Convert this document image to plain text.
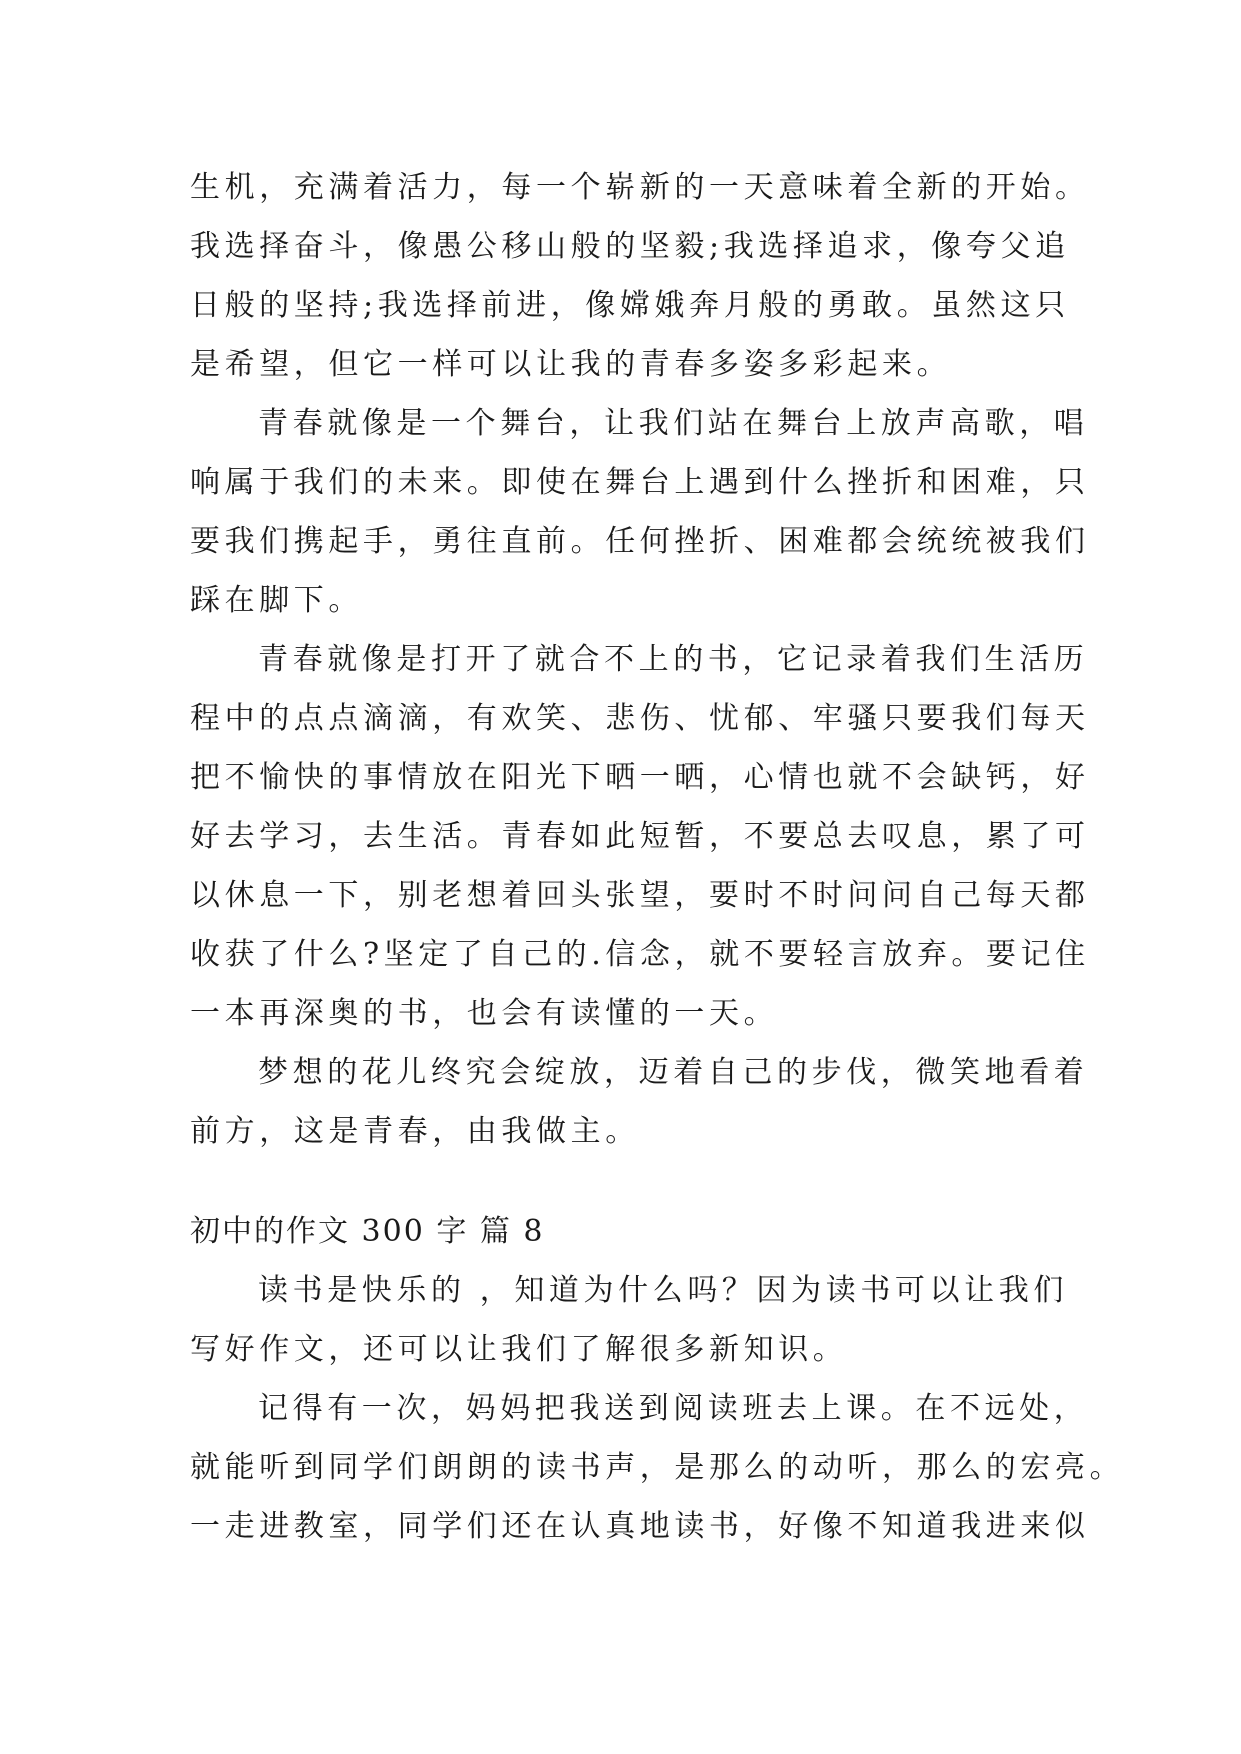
生机，充满着活力，每一个崭新的一天意味着全新的开始。
我选择奋斗，像愚公移山般的坚毅;我选择追求，像夸父追
日般的坚持;我选择前进，像嫦娥奔月般的勇敢。虽然这只
是希望，但它一样可以让我的青春多姿多彩起来。
青春就像是一个舞台，让我们站在舞台上放声高歌，唱
响属于我们的未来。即使在舞台上遇到什么挫折和困难，只
要我们携起手，勇往直前。任何挫折、困难都会统统被我们
踩在脚下。
青春就像是打开了就合不上的书，它记录着我们生活历
程中的点点滴滴，有欢笑、悲伤、忧郁、牢骚只要我们每天
把不愉快的事情放在阳光下晒一晒，心情也就不会缺钙，好
好去学习，去生活。青春如此短暂，不要总去叹息，累了可
以休息一下，别老想着回头张望，要时不时问问自己每天都
收获了什么?坚定了自己的.信念，就不要轻言放弃。要记住
一本再深奥的书，也会有读懂的一天。
梦想的花儿终究会绽放，迈着自己的步伐，微笑地看着
前方，这是青春，由我做主。
初中的作文 300 字 篇 8
读书是快乐的 ，知道为什么吗？因为读书可以让我们
写好作文，还可以让我们了解很多新知识。
记得有一次，妈妈把我送到阅读班去上课。在不远处，
就能听到同学们朗朗的读书声，是那么的动听，那么的宏亮。
一走进教室，同学们还在认真地读书，好像不知道我进来似
